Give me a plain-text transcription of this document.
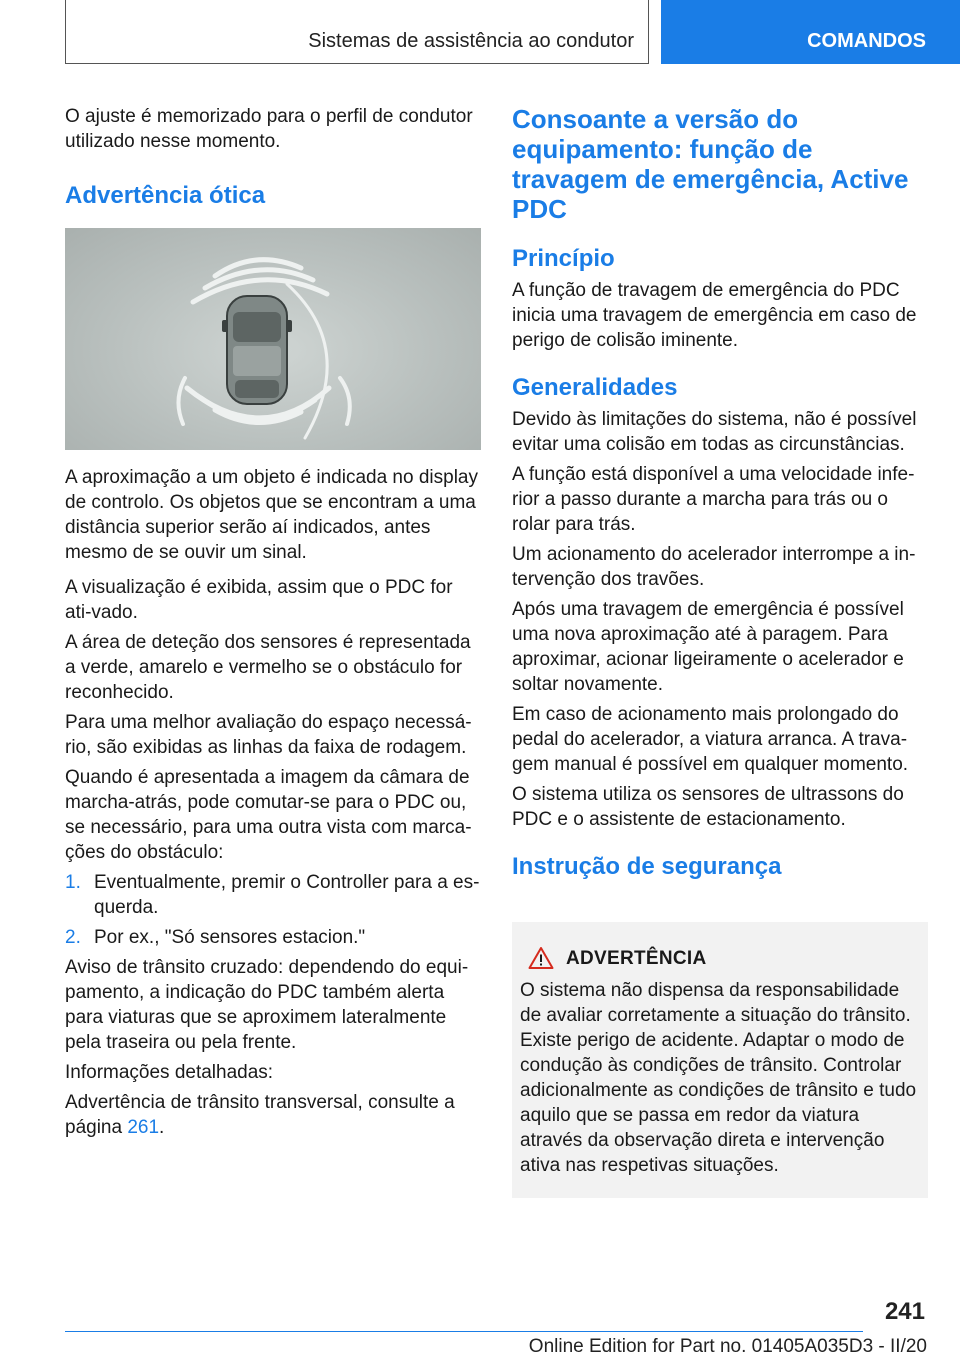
Sistemas de assistência ao condutor	COMANDOS

O ajuste é memorizado para o perfil de condutor utilizado nesse momento.

Advertência ótica

A aproximação a um objeto é indicada no display de controlo. Os objetos que se encontram a uma distância superior serão aí indicados, antes mesmo de se ouvir um sinal.

A visualização é exibida, assim que o PDC for ati-vado.

A área de deteção dos sensores é representada a verde, amarelo e vermelho se o obstáculo for reconhecido.

Para uma melhor avaliação do espaço necessá-rio, são exibidas as linhas da faixa de rodagem.

Quando é apresentada a imagem da câmara de marcha-atrás, pode comutar-se para o PDC ou, se necessário, para uma outra vista com marca-ções do obstáculo:

1. Eventualmente, premir o Controller para a es-querda.
2. Por ex., "Só sensores estacion."

Aviso de trânsito cruzado: dependendo do equi-pamento, a indicação do PDC também alerta para viaturas que se aproximem lateralmente pela traseira ou pela frente.

Informações detalhadas:

Advertência de trânsito transversal, consulte a página 261.

Consoante a versão do equipamento: função de travagem de emergência, Active PDC
Princípio

A função de travagem de emergência do PDC inicia uma travagem de emergência em caso de perigo de colisão iminente.

Generalidades

Devido às limitações do sistema, não é possível evitar uma colisão em todas as circunstâncias.

A função está disponível a uma velocidade infe-rior a passo durante a marcha para trás ou o rolar para trás.

Um acionamento do acelerador interrompe a in-tervenção dos travões.

Após uma travagem de emergência é possível uma nova aproximação até à paragem. Para aproximar, acionar ligeiramente o acelerador e soltar novamente.

Em caso de acionamento mais prolongado do pedal do acelerador, a viatura arranca. A trava-gem manual é possível em qualquer momento.

O sistema utiliza os sensores de ultrassons do PDC e o assistente de estacionamento.

Instrução de segurança
ADVERTÊNCIA

O sistema não dispensa da responsabilidade de avaliar corretamente a situação do trânsito. Existe perigo de acidente. Adaptar o modo de condução às condições de trânsito. Controlar adicionalmente as condições de trânsito e tudo aquilo que se passa em redor da viatura através da observação direta e intervenção ativa nas respetivas situações.

241
Online Edition for Part no. 01405A035D3 - II/20
